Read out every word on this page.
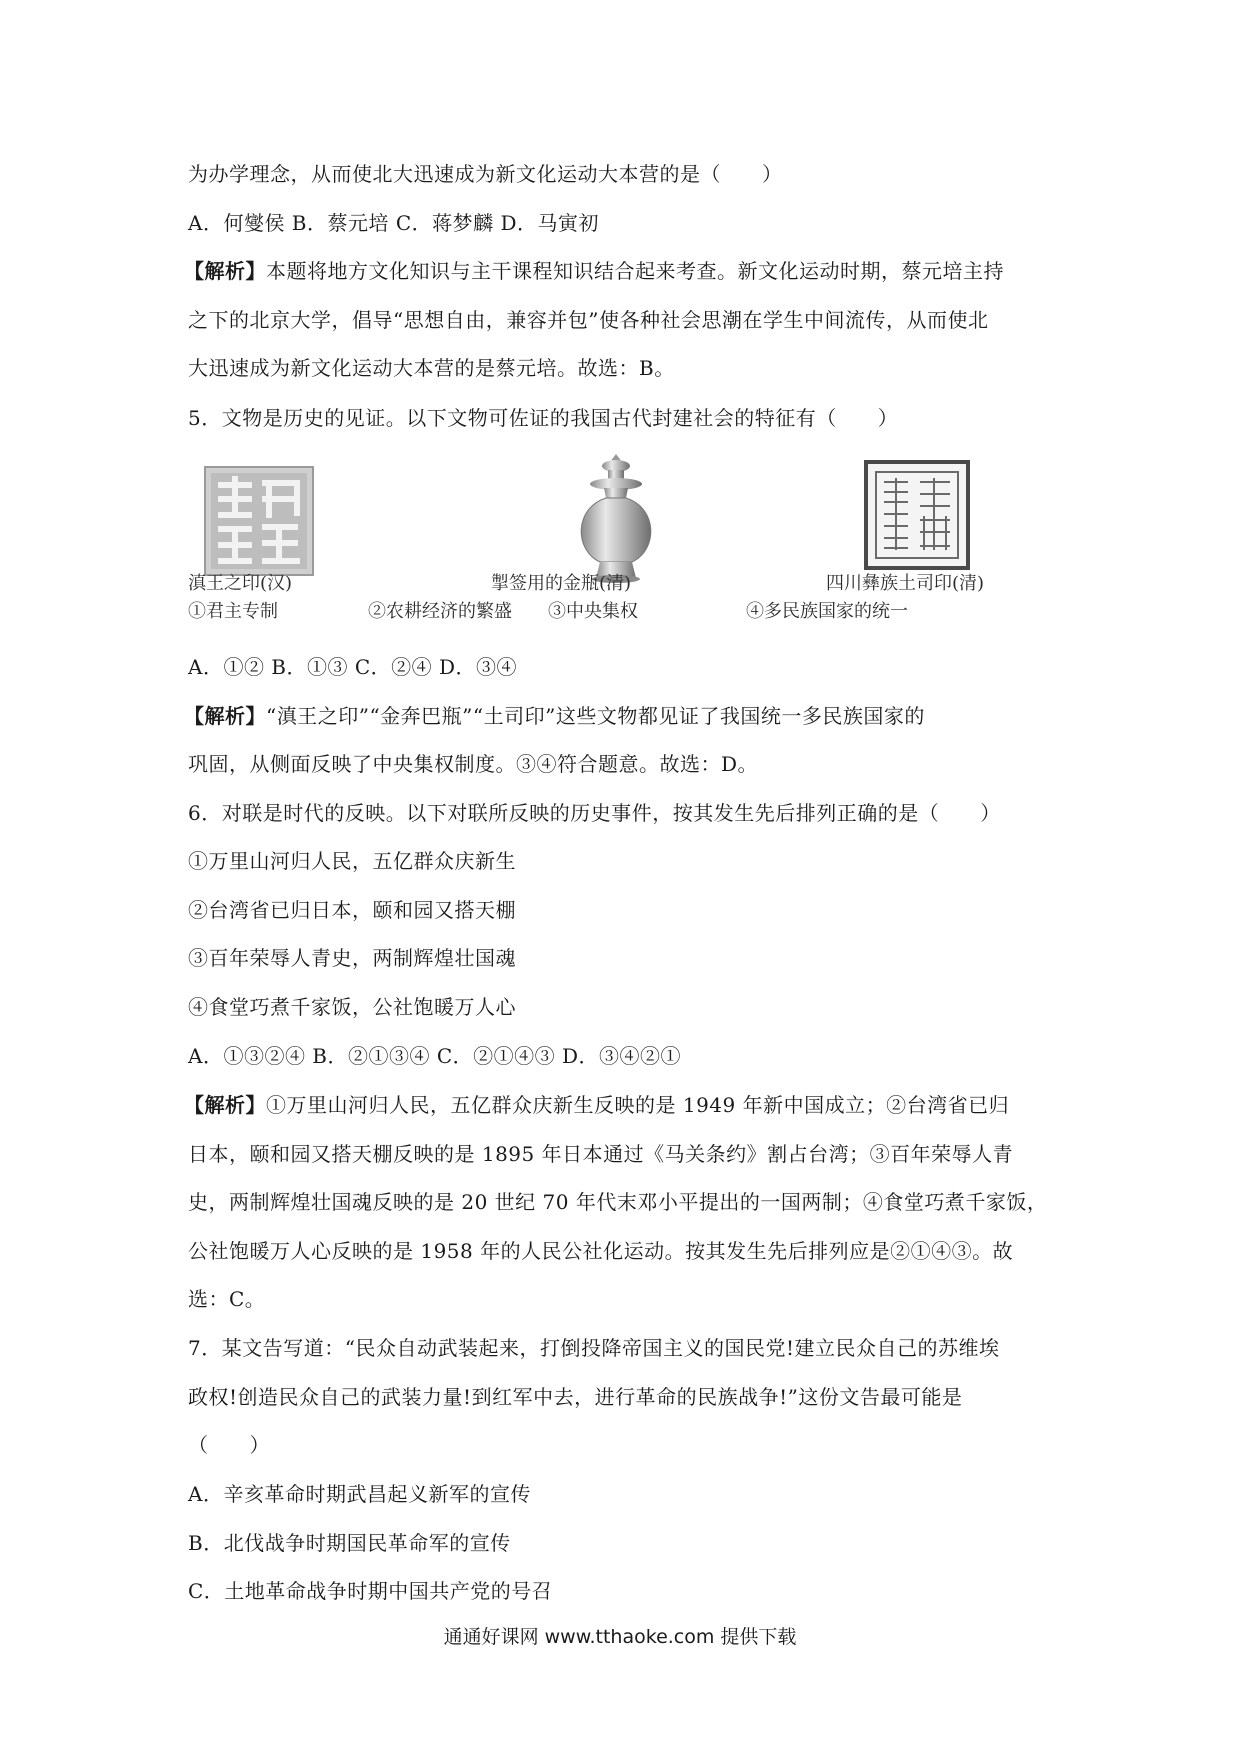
为办学理念，从而使北大迅速成为新文化运动大本营的是（　　）
A．何燮侯 B．蔡元培 C．蒋梦麟 D．马寅初
【解析】本题将地方文化知识与主干课程知识结合起来考查。新文化运动时期，蔡元培主持
之下的北京大学，倡导“思想自由，兼容并包”使各种社会思潮在学生中间流传，从而使北
大迅速成为新文化运动大本营的是蔡元培。故选：B。
5．文物是历史的见证。以下文物可佐证的我国古代封建社会的特征有（　　）
滇王之印(汉)	掣签用的金瓶(清)	四川彝族土司印(清)
①君主专制　　　　　②农耕经济的繁盛　　③中央集权　　　　　　④多民族国家的统一
A．①② B．①③ C．②④ D．③④
【解析】“滇王之印”“金奔巴瓶”“土司印”这些文物都见证了我国统一多民族国家的
巩固，从侧面反映了中央集权制度。③④符合题意。故选：D。
6．对联是时代的反映。以下对联所反映的历史事件，按其发生先后排列正确的是（　　）
①万里山河归人民，五亿群众庆新生
②台湾省已归日本，颐和园又搭天棚
③百年荣辱人青史，两制辉煌壮国魂
④食堂巧煮千家饭，公社饱暖万人心
A．①③②④ B．②①③④ C．②①④③ D．③④②①
【解析】①万里山河归人民，五亿群众庆新生反映的是 1949 年新中国成立；②台湾省已归
日本，颐和园又搭天棚反映的是 1895 年日本通过《马关条约》割占台湾；③百年荣辱人青
史，两制辉煌壮国魂反映的是 20 世纪 70 年代末邓小平提出的一国两制；④食堂巧煮千家饭，
公社饱暖万人心反映的是 1958 年的人民公社化运动。按其发生先后排列应是②①④③。故
选：C。
7．某文告写道：“民众自动武装起来，打倒投降帝国主义的国民党!建立民众自己的苏维埃
政权!创造民众自己的武装力量!到红军中去，进行革命的民族战争!”这份文告最可能是
（　　）
A．辛亥革命时期武昌起义新军的宣传
B．北伐战争时期国民革命军的宣传
C．土地革命战争时期中国共产党的号召
通通好课网 www.tthaoke.com 提供下载
